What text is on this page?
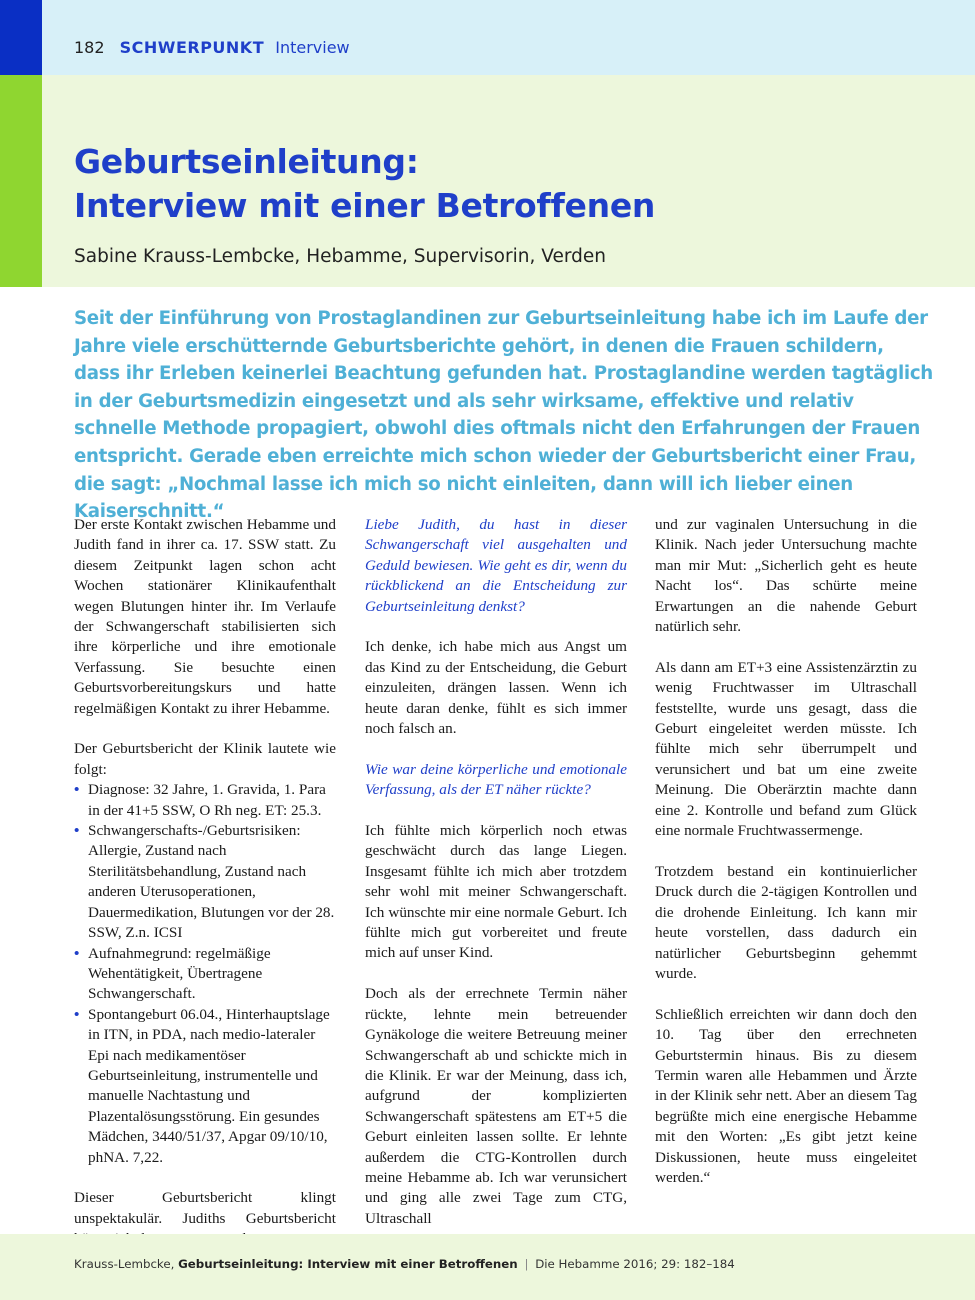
182 SCHWERPUNKT Interview
Geburtseinleitung:
Interview mit einer Betroffenen
Sabine Krauss-Lembcke, Hebamme, Supervisorin, Verden

Seit der Einführung von Prostaglandinen zur Geburtseinleitung habe ich im Laufe der Jahre viele erschütternde Geburtsberichte gehört, in denen die Frauen schildern, dass ihr Erleben keinerlei Beachtung gefunden hat. Prostaglandine werden tagtäglich in der Geburtsmedizin eingesetzt und als sehr wirksame, effektive und relativ schnelle Methode propagiert, obwohl dies oftmals nicht den Erfahrungen der Frauen entspricht. Gerade eben erreichte mich schon wieder der Geburtsbericht einer Frau, die sagt: „Nochmal lasse ich mich so nicht einleiten, dann will ich lieber einen Kaiserschnitt.“

Der erste Kontakt zwischen Hebamme und Judith fand in ihrer ca. 17. SSW statt. Zu diesem Zeitpunkt lagen schon acht Wochen stationärer Klinikaufenthalt wegen Blutungen hinter ihr. Im Verlaufe der Schwangerschaft stabilisierten sich ihre körperliche und ihre emotionale Verfassung. Sie besuchte einen Geburtsvorbereitungskurs und hatte regelmäßigen Kontakt zu ihrer Hebamme.

Der Geburtsbericht der Klinik lautete wie folgt:

• Diagnose: 32 Jahre, 1. Gravida, 1. Para in der 41+5 SSW, O Rh neg. ET: 25.3.
• Schwangerschafts-/Geburtsrisiken: Allergie, Zustand nach Sterilitätsbehandlung, Zustand nach anderen Uterusoperationen, Dauermedikation, Blutungen vor der 28. SSW, Z.n. ICSI
• Aufnahmegrund: regelmäßige Wehentätigkeit, Übertragene Schwangerschaft.
• Spontangeburt 06.04., Hinterhauptslage in ITN, in PDA, nach medio-lateraler Epi nach medikamentöser Geburtseinleitung, instrumentelle und manuelle Nachtastung und Plazentalösungsstörung. Ein gesundes Mädchen, 3440/51/37, Apgar 09/10/10, phNA. 7,22.

Dieser Geburtsbericht klingt unspektakulär. Judiths Geburtsbericht

Liebe Judith, du hast in dieser Schwangerschaft viel ausgehalten und Geduld bewiesen. Wie geht es dir, wenn du rückblickend an die Entscheidung zur Geburtseinleitung denkst?

Ich denke, ich habe mich aus Angst um das Kind zu der Entscheidung, die Geburt einzuleiten, drängen lassen. Wenn ich heute daran denke, fühlt es sich immer noch falsch an.

Wie war deine körperliche und emotionale Verfassung, als der ET näher rückte?

Ich fühlte mich körperlich noch etwas geschwächt durch das lange Liegen. Insgesamt fühlte ich mich aber trotzdem sehr wohl mit meiner Schwangerschaft. Ich wünschte mir eine normale Geburt. Ich fühlte mich gut vorbereitet und freute mich auf unser Kind.

Doch als der errechnete Termin näher rückte, lehnte mein betreuender Gynäkologe die weitere Betreuung meiner Schwangerschaft ab und schickte mich in die Klinik. Er war der Meinung, dass ich, aufgrund der komplizierten Schwangerschaft spätestens am ET+5 die Geburt einleiten lassen sollte. Er lehnte außerdem die CTG-Kontrollen durch meine Hebamme ab. Ich war verunsichert und ging alle zwei Tage zum CTG, Ultraschall

und zur vaginalen Untersuchung in die Klinik. Nach jeder Untersuchung machte man mir Mut: „Sicherlich geht es heute Nacht los“. Das schürte meine Erwartungen an die nahende Geburt natürlich sehr.

Als dann am ET+3 eine Assistenzärztin zu wenig Fruchtwasser im Ultraschall feststellte, wurde uns gesagt, dass die Geburt eingeleitet werden müsste. Ich fühlte mich sehr überrumpelt und verunsichert und bat um eine zweite Meinung. Die Oberärztin machte dann eine 2. Kontrolle und befand zum Glück eine normale Fruchtwassermenge.

Trotzdem bestand ein kontinuierlicher Druck durch die 2-tägigen Kontrollen und die drohende Einleitung. Ich kann mir heute vorstellen, dass dadurch ein natürlicher Geburtsbeginn gehemmt wurde.

Schließlich erreichten wir dann doch den 10. Tag über den errechneten Geburtstermin hinaus. Bis zu diesem Termin waren alle Hebammen und Ärzte in der Klinik sehr nett. Aber an diesem Tag begrüßte mich eine energische Hebamme mit den Worten: „Es gibt jetzt keine Diskussionen, heute muss eingeleitet werden.“

Krauss-Lembcke, Geburtseinleitung: Interview mit einer Betroffenen | Die Hebamme 2016; 29: 182–184
